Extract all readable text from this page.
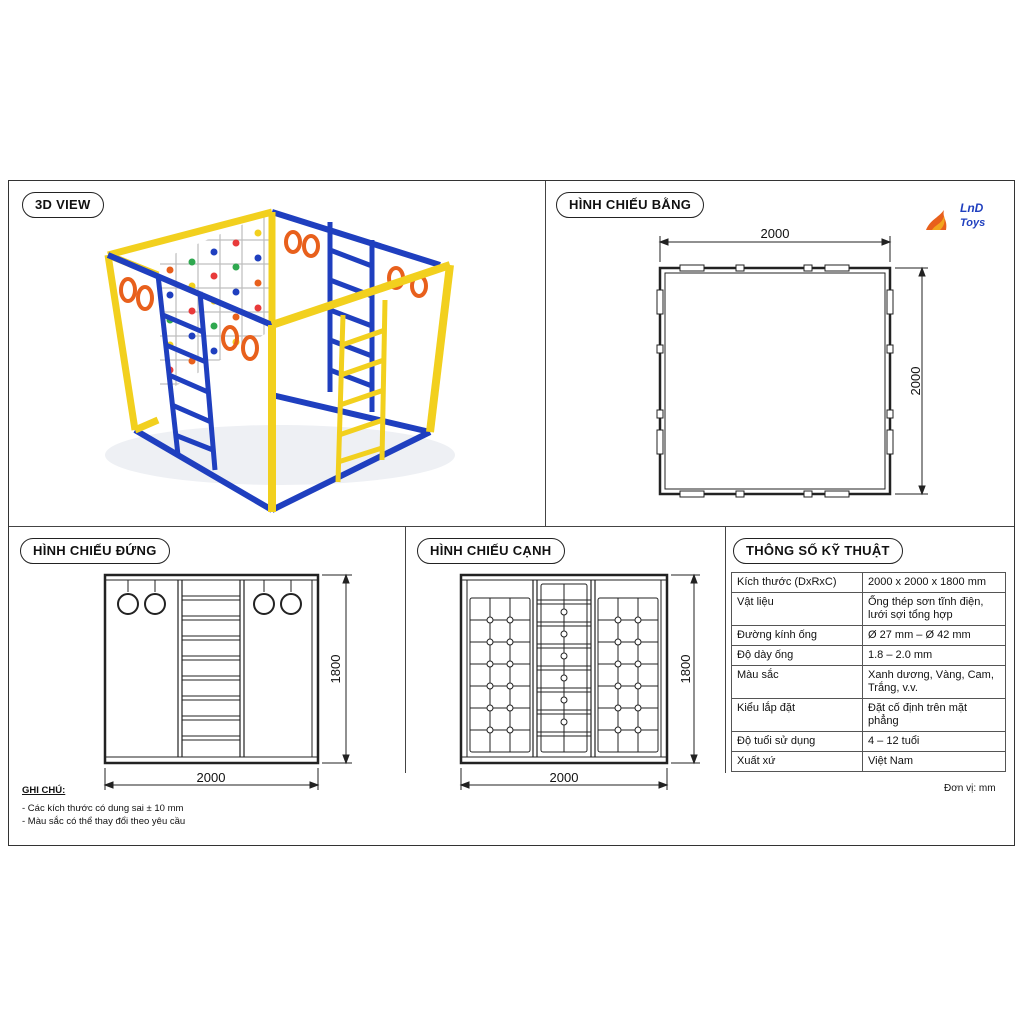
3D VIEW	HÌNH CHIẾU BẰNG
HÌNH CHIẾU ĐỨNG	HÌNH CHIẾU CẠNH	THÔNG SỐ KỸ THUẬT
LnD
Toys
2000
2000
2000
1800
2000
1800
Kích thước (DxRxC)	2000 x 2000 x 1800 mm
Vật liệu	Ống thép sơn tĩnh điện, lưới sợi tổng hợp
Đường kính ống	Ø 27 mm – Ø 42 mm
Độ dày ống	1.8 – 2.0 mm
Màu sắc	Xanh dương, Vàng, Cam, Trắng, v.v.
Kiểu lắp đặt	Đặt cố định trên mặt phẳng
Độ tuổi sử dụng	4 – 12 tuổi
Xuất xứ	Việt Nam
Đơn vị: mm
GHI CHÚ:
- Các kích thước có dung sai ± 10 mm
- Màu sắc có thể thay đổi theo yêu cầu
